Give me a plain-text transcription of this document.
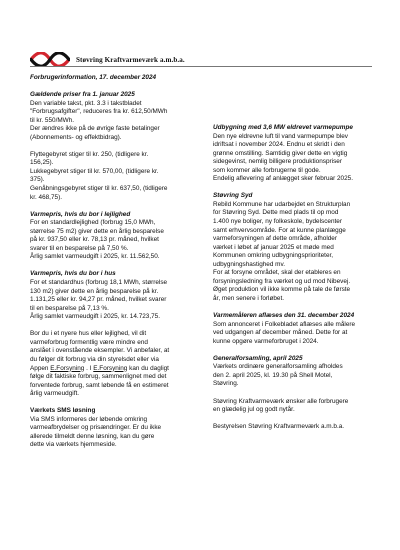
Støvring Kraftvarmeværk a.m.b.a.
Forbrugerinformation, 17. december 2024
Gældende priser fra 1. januar 2025
Den variable takst, pkt. 3.3 i takstbladet
"Forbrugsafgifter", reduceres fra kr. 612,50/MWh
til kr. 550/MWh.
Der ændres ikke på de øvrige faste betalinger
(Abonnements- og effektbidrag).
Flyttegebyret stiger til kr. 250, (tidligere kr.
156,25).
Lukkegebyret stiger til kr. 570,00, (tidligere kr.
375).
Genåbningsgebyret stiger til kr. 637,50, (tidligere
kr. 468,75).
Varmepris, hvis du bor i lejlighed
For en standardlejlighed (forbrug 15,0 MWh,
størrelse 75 m2) giver dette en årlig besparelse
på kr. 937,50 eller kr. 78,13 pr. måned, hvilket
svarer til en besparelse på 7,50 %.
Årlig samlet varmeudgift i 2025, kr. 11.562,50.
Varmepris, hvis du bor i hus
For et standardhus (forbrug 18,1 MWh, størrelse
130 m2) giver dette en årlig besparelse på kr.
1.131,25 eller kr. 94,27 pr. måned, hvilket svarer
til en besparelse på 7,13 %.
Årlig samlet varmeudgift i 2025, kr. 14.723,75.
Bor du i et nyere hus eller lejlighed, vil dit
varmeforbrug formentlig være mindre end
anslået i ovenstående eksempler. Vi anbefaler, at
du følger dit forbrug via din styrelsdet eller via
Appen E.Forsyning . I E.Forsyning kan du dagligt
følge dit faktiske forbrug, sammenlignet med det
forventede forbrug, samt løbende få en estimeret
årlig varmeudgift.
Værkets SMS løsning
Via SMS informeres der løbende omkring
varmeafbrydelser og prisændringer. Er du ikke
allerede tilmeldt denne løsning, kan du gøre
dette via værkets hjemmeside.
Udbygning med 3,6 MW eldrevet varmepumpe
Den nye eldrevne luft til vand varmepumpe blev
idriftsat i november 2024. Endnu et skridt i den
grønne omstilling. Samtidig giver dette en vigtig
sidegevinst, nemlig billigere produktionspriser
som kommer alle forbrugerne til gode.
Endelig aflevering af anlægget sker februar 2025.
Støvring Syd
Rebild Kommune har udarbejdet en Strukturplan
for Støvring Syd. Dette med plads til op mod
1.400 nye boliger, ny folkeskole, bydelscenter
samt erhvervsområde. For at kunne planlægge
varmeforsyningen af dette område, afholder
værket i løbet af januar 2025 et møde med
Kommunen omkring udbygningsprioriteter,
udbygningshastighed mv.
For at forsyne området, skal der etableres en
forsyningsledning fra værket og ud mod Nibevej.
Øget produktion vil ikke komme på tale de første
år, men senere i forløbet.
Varmemåleren aflæses den 31. december 2024
Som annonceret i Folkebladet aflæses alle målere
ved udgangen af december måned. Dette for at
kunne opgøre varmeforbruget i 2024.
Generalforsamling, april 2025
Værkets ordinære generalforsamling afholdes
den 2. april 2025, kl. 19.30 på Shell Motel,
Støvring.
Støvring Kraftvarmeværk ønsker alle forbrugere
en glædelig jul og godt nytår.
Bestyrelsen Støvring Kraftvarmeværk a.m.b.a.
